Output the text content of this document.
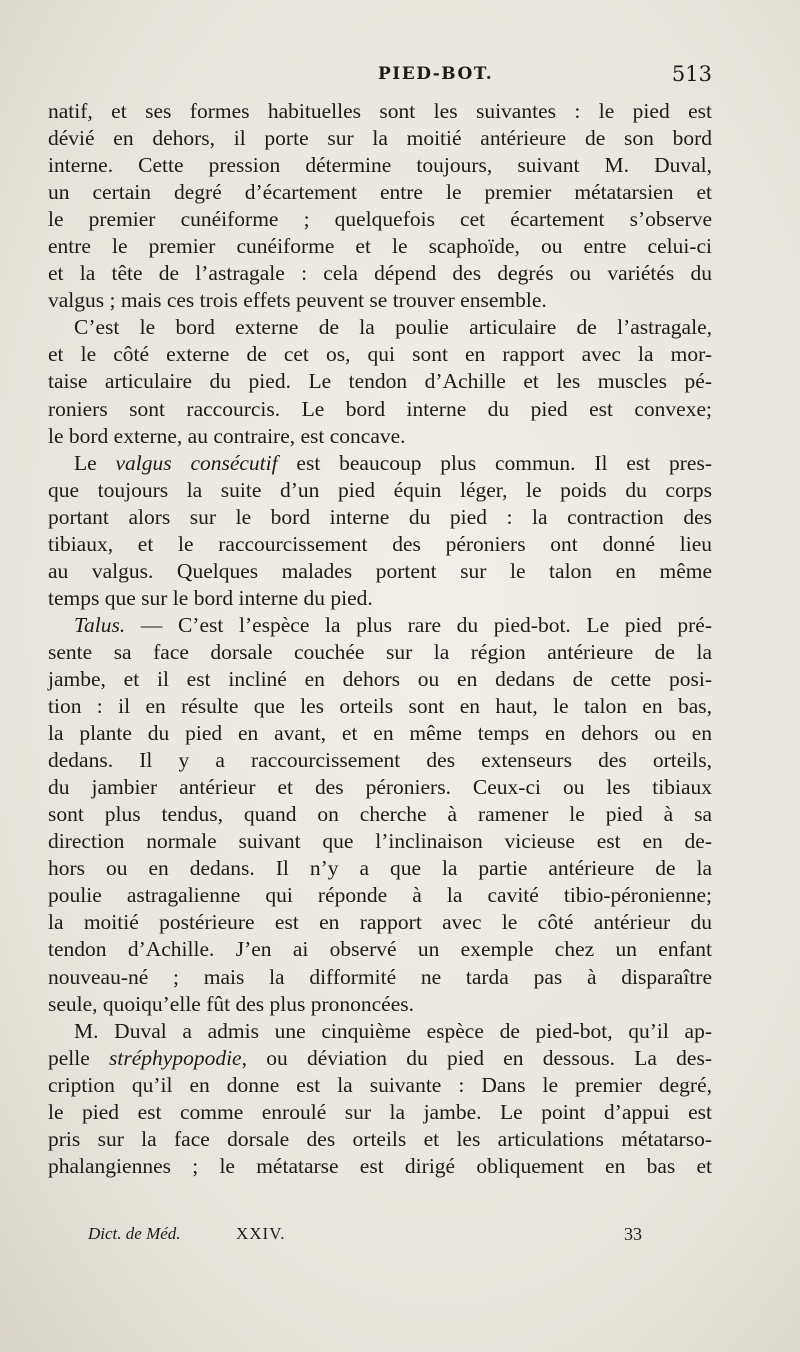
PIED-BOT.	513
natif, et ses formes habituelles sont les suivantes : le pied est
dévié en dehors, il porte sur la moitié antérieure de son bord
interne. Cette pression détermine toujours, suivant M. Duval,
un certain degré d’écartement entre le premier métatarsien et
le premier cunéiforme ; quelquefois cet écartement s’observe
entre le premier cunéiforme et le scaphoïde, ou entre celui-ci
et la tête de l’astragale : cela dépend des degrés ou variétés du
valgus ; mais ces trois effets peuvent se trouver ensemble.
C’est le bord externe de la poulie articulaire de l’astragale,
et le côté externe de cet os, qui sont en rapport avec la mor-
taise articulaire du pied. Le tendon d’Achille et les muscles pé-
roniers sont raccourcis. Le bord interne du pied est convexe;
le bord externe, au contraire, est concave.
Le valgus consécutif est beaucoup plus commun. Il est pres-
que toujours la suite d’un pied équin léger, le poids du corps
portant alors sur le bord interne du pied : la contraction des
tibiaux, et le raccourcissement des péroniers ont donné lieu
au valgus. Quelques malades portent sur le talon en même
temps que sur le bord interne du pied.
Talus. — C’est l’espèce la plus rare du pied-bot. Le pied pré-
sente sa face dorsale couchée sur la région antérieure de la
jambe, et il est incliné en dehors ou en dedans de cette posi-
tion : il en résulte que les orteils sont en haut, le talon en bas,
la plante du pied en avant, et en même temps en dehors ou en
dedans. Il y a raccourcissement des extenseurs des orteils,
du jambier antérieur et des péroniers. Ceux-ci ou les tibiaux
sont plus tendus, quand on cherche à ramener le pied à sa
direction normale suivant que l’inclinaison vicieuse est en de-
hors ou en dedans. Il n’y a que la partie antérieure de la
poulie astragalienne qui réponde à la cavité tibio-péronienne;
la moitié postérieure est en rapport avec le côté antérieur du
tendon d’Achille. J’en ai observé un exemple chez un enfant
nouveau-né ; mais la difformité ne tarda pas à disparaître
seule, quoiqu’elle fût des plus prononcées.
M. Duval a admis une cinquième espèce de pied-bot, qu’il ap-
pelle stréphypopodie, ou déviation du pied en dessous. La des-
cription qu’il en donne est la suivante : Dans le premier degré,
le pied est comme enroulé sur la jambe. Le point d’appui est
pris sur la face dorsale des orteils et les articulations métatarso-
phalangiennes ; le métatarse est dirigé obliquement en bas et
Dict. de Méd.	XXIV.	33
